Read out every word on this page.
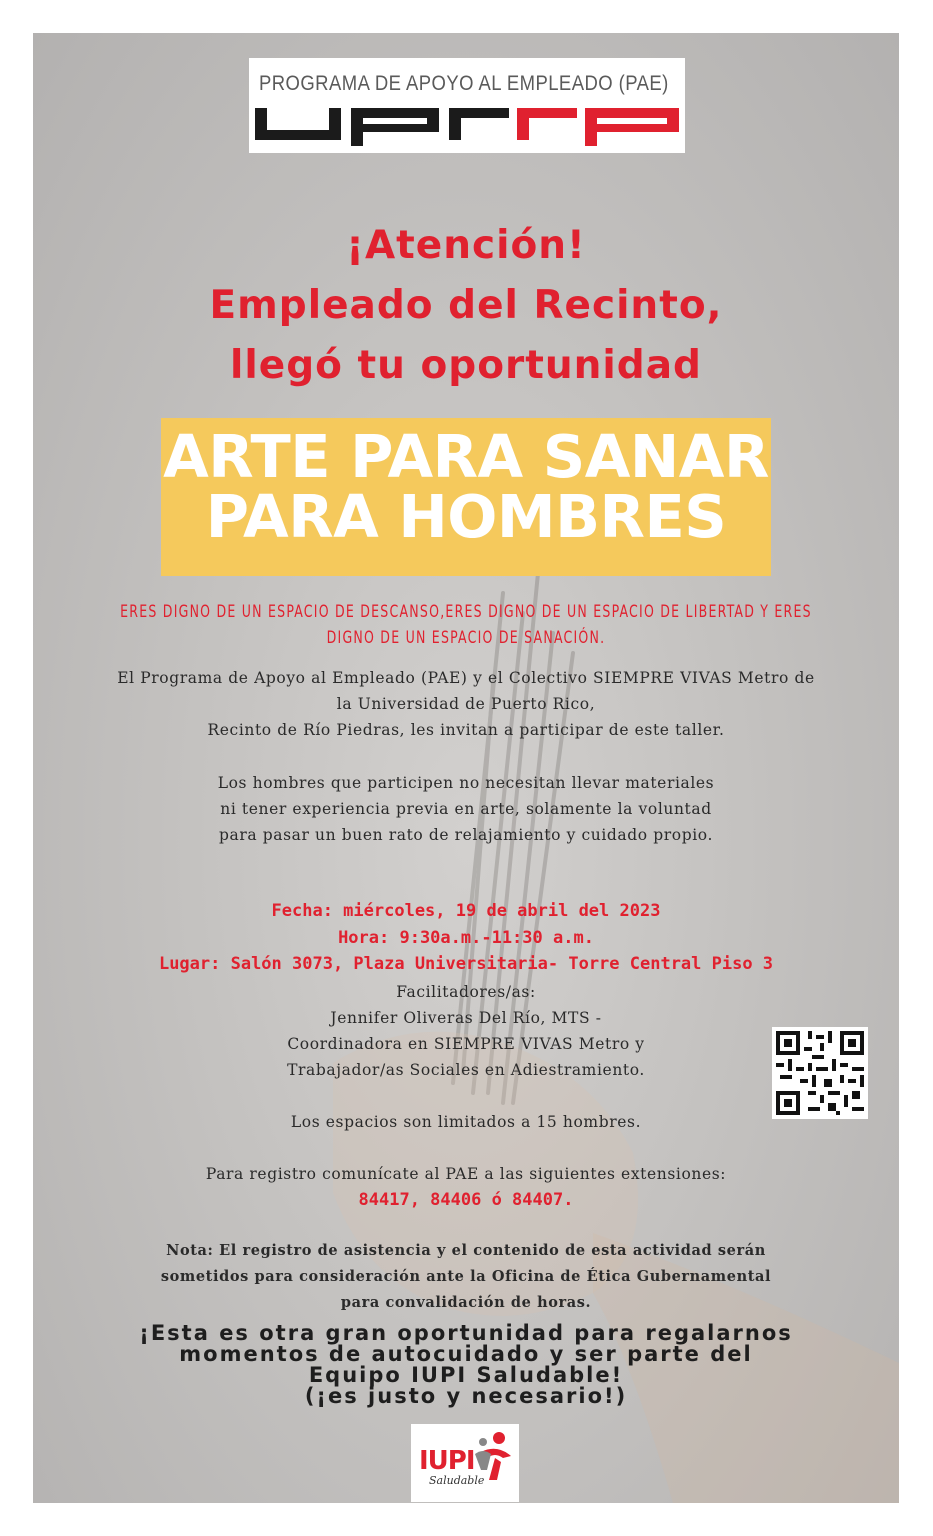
PROGRAMA DE APOYO AL EMPLEADO (PAE)
¡Atención!
Empleado del Recinto,
llegó tu oportunidad
ARTE PARA SANAR
PARA HOMBRES
ERES DIGNO DE UN ESPACIO DE DESCANSO,ERES DIGNO DE UN ESPACIO DE LIBERTAD Y ERES
DIGNO DE UN ESPACIO DE SANACIÓN.
El Programa de Apoyo al Empleado (PAE) y el Colectivo SIEMPRE VIVAS Metro de
la Universidad de Puerto Rico,
Recinto de Río Piedras, les invitan a participar de este taller.
Los hombres que participen no necesitan llevar materiales
ni tener experiencia previa en arte, solamente la voluntad
para pasar un buen rato de relajamiento y cuidado propio.
Fecha: miércoles, 19 de abril del 2023
Hora: 9:30a.m.-11:30 a.m.
Lugar: Salón 3073, Plaza Universitaria- Torre Central Piso 3
Facilitadores/as:
Jennifer Oliveras Del Río, MTS -
Coordinadora en SIEMPRE VIVAS Metro y
Trabajador/as Sociales en Adiestramiento.
Los espacios son limitados a 15 hombres.
Para registro comunícate al PAE a las siguientes extensiones:
84417, 84406 ó 84407.
Nota: El registro de asistencia y el contenido de esta actividad serán
sometidos para consideración ante la Oficina de Ética Gubernamental
para convalidación de horas.
¡Esta es otra gran oportunidad para regalarnos
momentos de autocuidado y ser parte del
Equipo IUPI Saludable!
(¡es justo y necesario!)
IUPI
Saludable
